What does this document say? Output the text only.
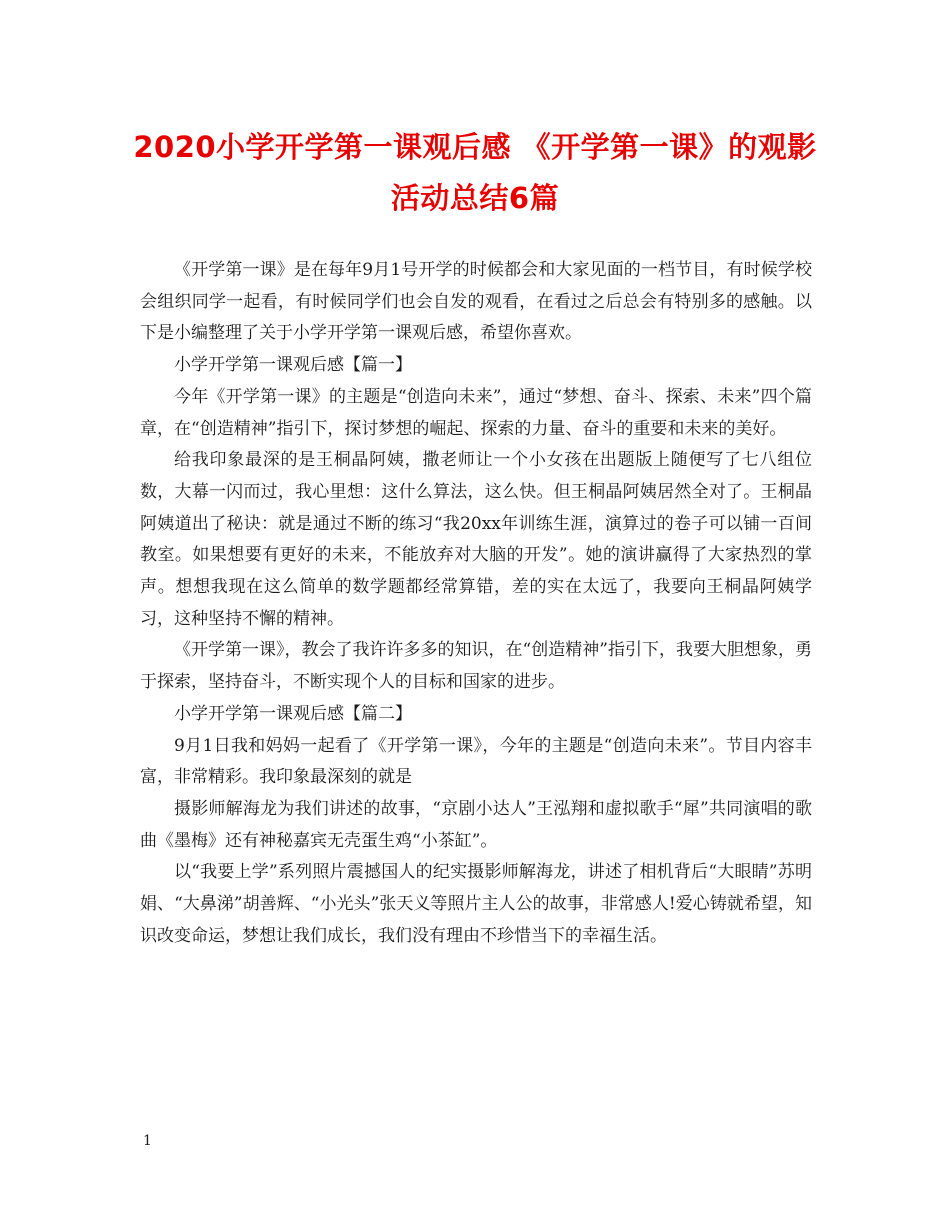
2020小学开学第一课观后感 《开学第一课》的观影活动总结6篇

《开学第一课》是在每年9月1号开学的时候都会和大家见面的一档节目，有时候学校会组织同学一起看，有时候同学们也会自发的观看，在看过之后总会有特别多的感触。以下是小编整理了关于小学开学第一课观后感，希望你喜欢。

小学开学第一课观后感【篇一】

今年《开学第一课》的主题是“创造向未来”，通过“梦想、奋斗、探索、未来”四个篇章，在“创造精神”指引下，探讨梦想的崛起、探索的力量、奋斗的重要和未来的美好。

给我印象最深的是王桐晶阿姨，撒老师让一个小女孩在出题版上随便写了七八组位数，大幕一闪而过，我心里想：这什么算法，这么快。但王桐晶阿姨居然全对了。王桐晶阿姨道出了秘诀：就是通过不断的练习“我20xx年训练生涯，演算过的卷子可以铺一百间教室。如果想要有更好的未来，不能放弃对大脑的开发”。她的演讲赢得了大家热烈的掌声。想想我现在这么简单的数学题都经常算错，差的实在太远了，我要向王桐晶阿姨学习，这种坚持不懈的精神。

《开学第一课》，教会了我许许多多的知识，在“创造精神”指引下，我要大胆想象，勇于探索，坚持奋斗，不断实现个人的目标和国家的进步。

小学开学第一课观后感【篇二】

9月1日我和妈妈一起看了《开学第一课》，今年的主题是“创造向未来”。节目内容丰富，非常精彩。我印象最深刻的就是

摄影师解海龙为我们讲述的故事，“京剧小达人”王泓翔和虚拟歌手“犀”共同演唱的歌曲《墨梅》还有神秘嘉宾无壳蛋生鸡“小茶缸”。

以“我要上学”系列照片震撼国人的纪实摄影师解海龙，讲述了相机背后“大眼睛”苏明娟、“大鼻涕”胡善辉、“小光头”张天义等照片主人公的故事，非常感人!爱心铸就希望，知识改变命运，梦想让我们成长，我们没有理由不珍惜当下的幸福生活。

1
